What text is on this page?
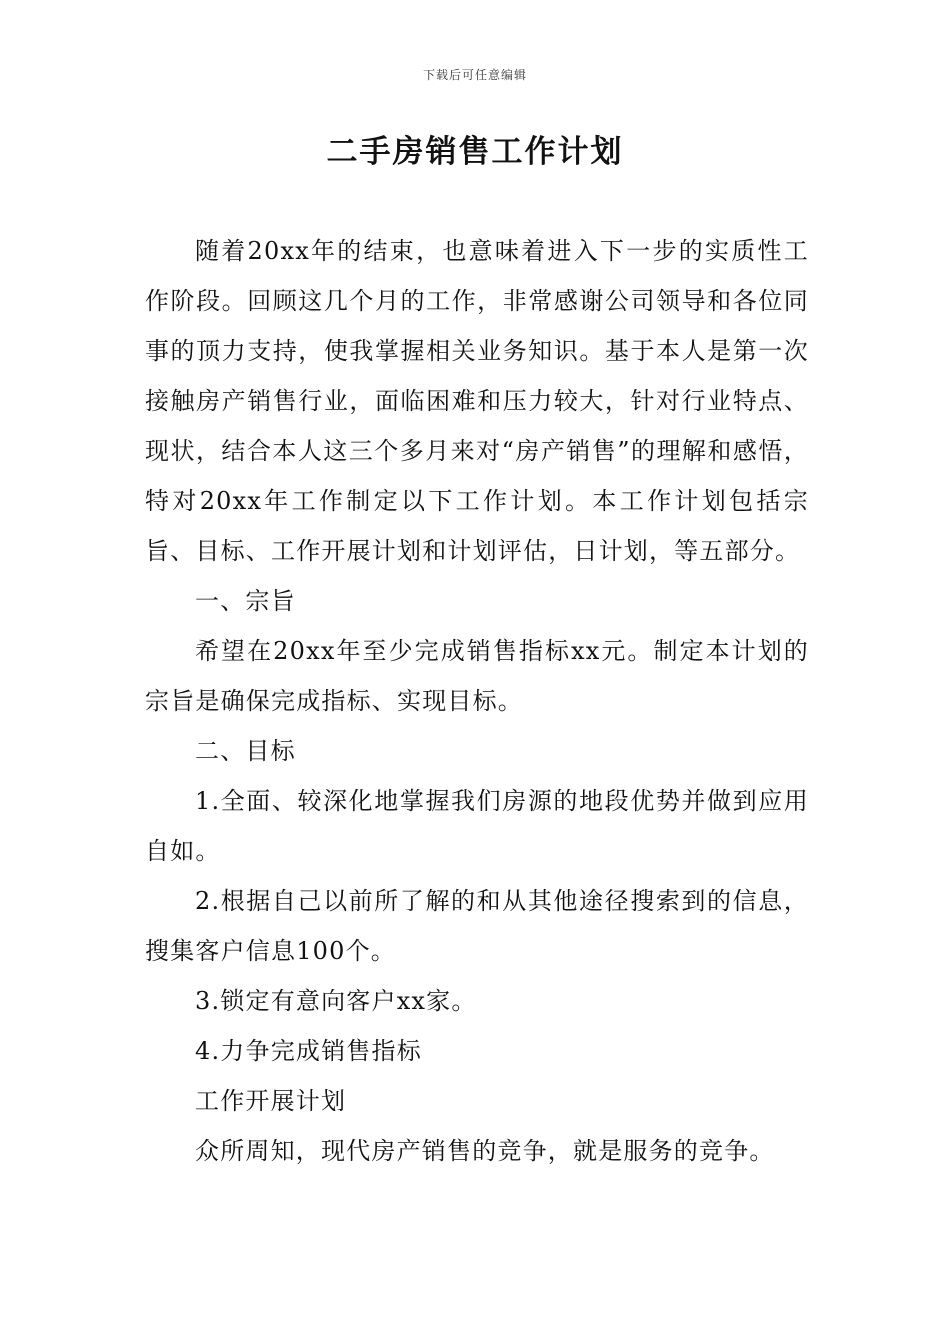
下载后可任意编辑
二手房销售工作计划

随着20xx年的结束，也意味着进入下一步的实质性工作阶段。回顾这几个月的工作，非常感谢公司领导和各位同事的顶力支持，使我掌握相关业务知识。基于本人是第一次接触房产销售行业，面临困难和压力较大，针对行业特点、现状，结合本人这三个多月来对“房产销售”的理解和感悟，特对20xx年工作制定以下工作计划。本工作计划包括宗旨、目标、工作开展计划和计划评估，日计划，等五部分。

一、宗旨

希望在20xx年至少完成销售指标xx元。制定本计划的宗旨是确保完成指标、实现目标。

二、目标

1.全面、较深化地掌握我们房源的地段优势并做到应用自如。

2.根据自己以前所了解的和从其他途径搜索到的信息，搜集客户信息100个。

3.锁定有意向客户xx家。

4.力争完成销售指标

工作开展计划

众所周知，现代房产销售的竞争，就是服务的竞争。
